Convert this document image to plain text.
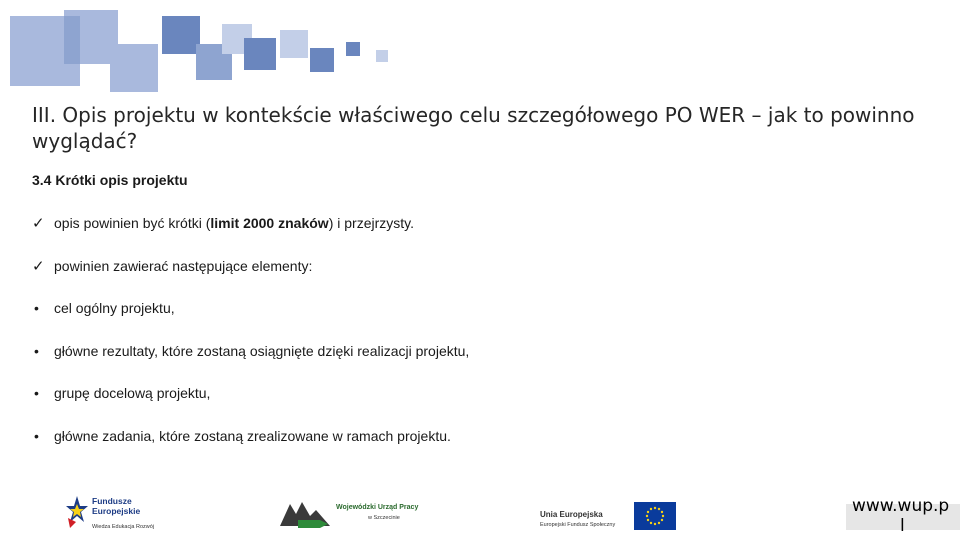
III. Opis projektu w kontekście właściwego celu szczegółowego PO WER – jak to powinno wyglądać?
3.4 Krótki opis projektu
✓ opis powinien być krótki (limit 2000 znaków) i przejrzysty.
✓ powinien zawierać następujące elementy:
• cel ogólny projektu,
• główne rezultaty, które zostaną osiągnięte dzięki realizacji projektu,
• grupę docelową projektu,
• główne zadania, które zostaną zrealizowane w ramach projektu.
Fundusze
Europejskie
Wiedza Edukacja Rozwój
Wojewódzki Urząd Pracy
w Szczecinie	Unia Europejska
Europejski Fundusz Społeczny
www.wup.p
l
